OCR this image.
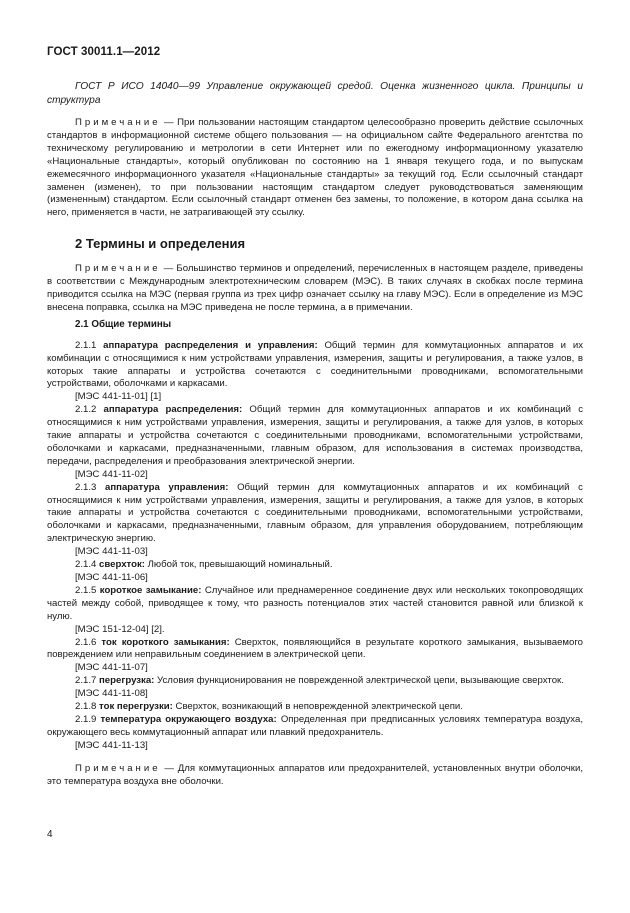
ГОСТ 30011.1—2012

ГОСТ Р ИСО 14040—99 Управление окружающей средой. Оценка жизненного цикла. Принципы и структура

Примечание — При пользовании настоящим стандартом целесообразно проверить действие ссылочных стандартов в информационной системе общего пользования — на официальном сайте Федерального агентства по техническому регулированию и метрологии в сети Интернет или по ежегодному информационному указателю «Национальные стандарты», который опубликован по состоянию на 1 января текущего года, и по выпускам ежемесячного информационного указателя «Национальные стандарты» за текущий год. Если ссылочный стандарт заменен (изменен), то при пользовании настоящим стандартом следует руководствоваться заменяющим (измененным) стандартом. Если ссылочный стандарт отменен без замены, то положение, в котором дана ссылка на него, применяется в части, не затрагивающей эту ссылку.

2 Термины и определения

Примечание — Большинство терминов и определений, перечисленных в настоящем разделе, приведены в соответствии с Международным электротехническим словарем (МЭС). В таких случаях в скобках после термина приводится ссылка на МЭС (первая группа из трех цифр означает ссылку на главу МЭС). Если в определение из МЭС внесена поправка, ссылка на МЭС приведена не после термина, а в примечании.

2.1 Общие термины

2.1.1 аппаратура распределения и управления: Общий термин для коммутационных аппаратов и их комбинации с относящимися к ним устройствами управления, измерения, защиты и регулирования, а также узлов, в которых такие аппараты и устройства сочетаются с соединительными проводниками, вспомогательными устройствами, оболочками и каркасами.

[МЭС 441-11-01] [1]

2.1.2 аппаратура распределения: Общий термин для коммутационных аппаратов и их комбинаций с относящимися к ним устройствами управления, измерения, защиты и регулирования, а также для узлов, в которых такие аппараты и устройства сочетаются с соединительными проводниками, вспомогательными устройствами, оболочками и каркасами, предназначенными, главным образом, для использования в системах производства, передачи, распределения и преобразования электрической энергии.

[МЭС 441-11-02]

2.1.3 аппаратура управления: Общий термин для коммутационных аппаратов и их комбинаций с относящимися к ним устройствами управления, измерения, защиты и регулирования, а также для узлов, в которых такие аппараты и устройства сочетаются с соединительными проводниками, вспомогательными устройствами, оболочками и каркасами, предназначенными, главным образом, для управления оборудованием, потребляющим электрическую энергию.

[МЭС 441-11-03]

2.1.4 сверхток: Любой ток, превышающий номинальный.

[МЭС 441-11-06]

2.1.5 короткое замыкание: Случайное или преднамеренное соединение двух или нескольких токопроводящих частей между собой, приводящее к тому, что разность потенциалов этих частей становится равной или близкой к нулю.

[МЭС 151-12-04] [2].

2.1.6 ток короткого замыкания: Сверхток, появляющийся в результате короткого замыкания, вызываемого повреждением или неправильным соединением в электрической цепи.

[МЭС 441-11-07]

2.1.7 перегрузка: Условия функционирования не поврежденной электрической цепи, вызывающие сверхток.

[МЭС 441-11-08]

2.1.8 ток перегрузки: Сверхток, возникающий в неповрежденной электрической цепи.

2.1.9 температура окружающего воздуха: Определенная при предписанных условиях температура воздуха, окружающего весь коммутационный аппарат или плавкий предохранитель.

[МЭС 441-11-13]

Примечание — Для коммутационных аппаратов или предохранителей, установленных внутри оболочки, это температура воздуха вне оболочки.

4
